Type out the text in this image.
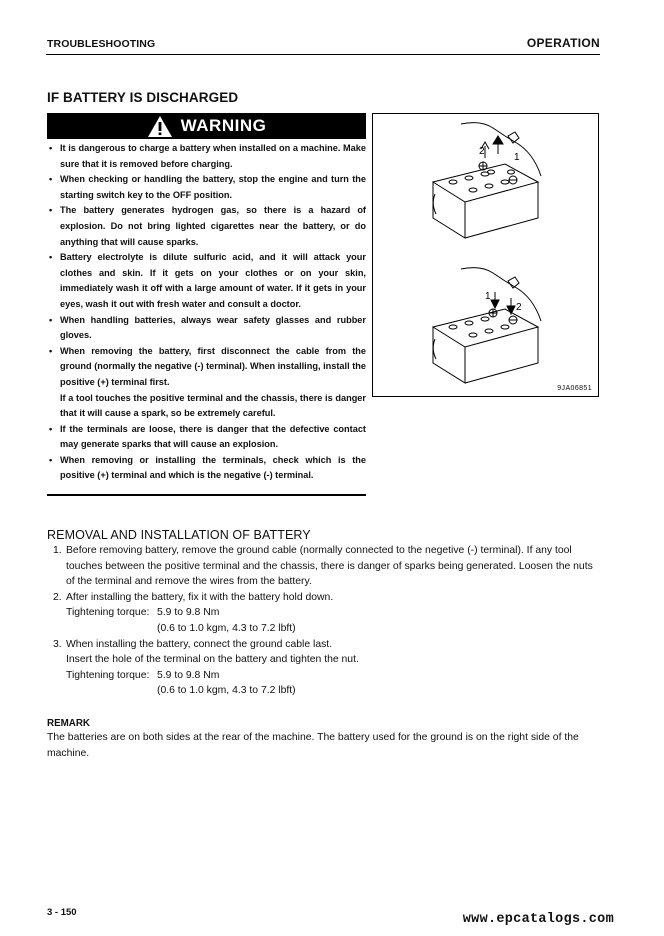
TROUBLESHOOTING	OPERATION
IF BATTERY IS DISCHARGED
WARNING
• It is dangerous to charge a battery when installed on a machine. Make sure that it is removed before charging.
• When checking or handling the battery, stop the engine and turn the starting switch key to the OFF position.
• The battery generates hydrogen gas, so there is a hazard of explosion. Do not bring lighted cigarettes near the battery, or do anything that will cause sparks.
• Battery electrolyte is dilute sulfuric acid, and it will attack your clothes and skin. If it gets on your clothes or on your skin, immediately wash it off with a large amount of water. If it gets in your eyes, wash it out with fresh water and consult a doctor.
• When handling batteries, always wear safety glasses and rubber gloves.
• When removing the battery, first disconnect the cable from the ground (normally the negative (-) terminal). When installing, install the positive (+) terminal first.
If a tool touches the positive terminal and the chassis, there is danger that it will cause a spark, so be extremely careful.
• If the terminals are loose, there is danger that the defective contact may generate sparks that will cause an explosion.
• When removing or installing the terminals, check which is the positive (+) terminal and which is the negative (-) terminal.
2
1
1
2
9JA06851
REMOVAL AND INSTALLATION OF BATTERY
1. Before removing battery, remove the ground cable (normally connected to the negetive (-) terminal). If any tool touches between the positive terminal and the chassis, there is danger of sparks being generated. Loosen the nuts of the terminal and remove the wires from the battery.

2. After installing the battery, fix it with the battery hold down.

Tightening torque: 5.9 to 9.8 Nm
(0.6 to 1.0 kgm, 4.3 to 7.2 lbft)
3. When installing the battery, connect the ground cable last.

Insert the hole of the terminal on the battery and tighten the nut.

Tightening torque: 5.9 to 9.8 Nm
(0.6 to 1.0 kgm, 4.3 to 7.2 lbft)
REMARK
The batteries are on both sides at the rear of the machine. The battery used for the ground is on the right side of the machine.
3 - 150	www.epcatalogs.com
